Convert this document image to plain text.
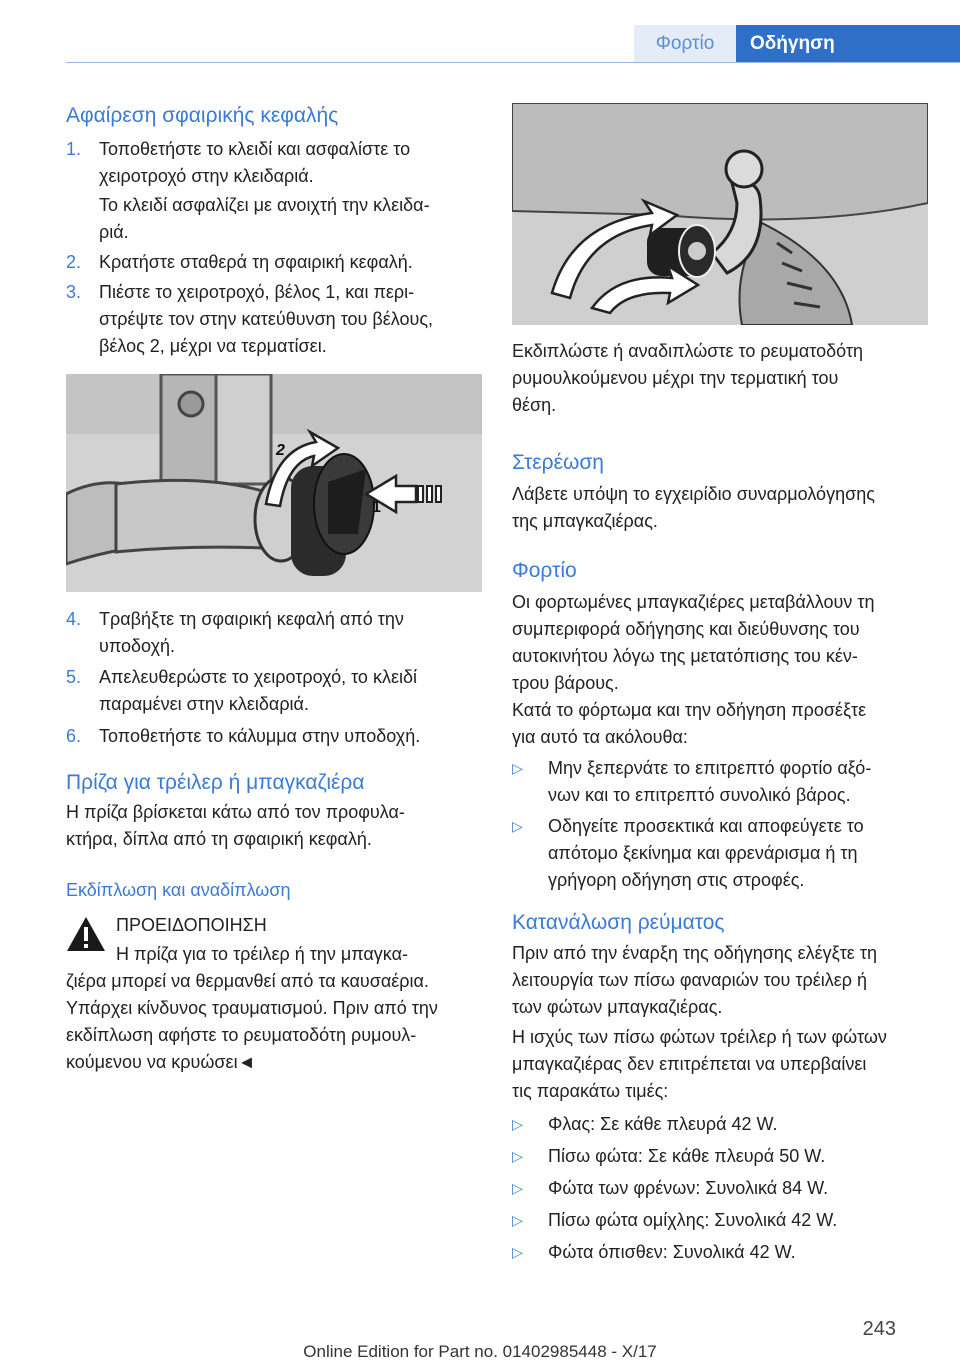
Φορτίο	Οδήγηση
Αφαίρεση σφαιρικής κεφαλής
1. Τοποθετήστε το κλειδί και ασφαλίστε το
χειροτροχό στην κλειδαριά.
Το κλειδί ασφαλίζει με ανοιχτή την κλειδα‐
ριά.
2. Κρατήστε σταθερά τη σφαιρική κεφαλή.
3. Πιέστε το χειροτροχό, βέλος 1, και περι‐
στρέψτε τον στην κατεύθυνση του βέλους,
βέλος 2, μέχρι να τερματίσει.
2
1
4. Τραβήξτε τη σφαιρική κεφαλή από την
υποδοχή.
5. Απελευθερώστε το χειροτροχό, το κλειδί
παραμένει στην κλειδαριά.
6. Τοποθετήστε το κάλυμμα στην υποδοχή.
Πρίζα για τρέιλερ ή μπαγκαζιέρα
Η πρίζα βρίσκεται κάτω από τον προφυλα‐
κτήρα, δίπλα από τη σφαιρική κεφαλή.
Εκδίπλωση και αναδίπλωση
ΠΡΟΕΙΔΟΠΟΙΗΣΗ
Η πρίζα για το τρέιλερ ή την μπαγκα‐
ζιέρα μπορεί να θερμανθεί από τα καυσαέρια.
Υπάρχει κίνδυνος τραυματισμού. Πριν από την
εκδίπλωση αφήστε το ρευματοδότη ρυμουλ‐
κούμενου να κρυώσει◄
Εκδιπλώστε ή αναδιπλώστε το ρευματοδότη
ρυμουλκούμενου μέχρι την τερματική του
θέση.
Στερέωση
Λάβετε υπόψη το εγχειρίδιο συναρμολόγησης
της μπαγκαζιέρας.
Φορτίο
Οι φορτωμένες μπαγκαζιέρες μεταβάλλουν τη
συμπεριφορά οδήγησης και διεύθυνσης του
αυτοκινήτου λόγω της μετατόπισης του κέν‐
τρου βάρους.
Κατά το φόρτωμα και την οδήγηση προσέξτε
για αυτό τα ακόλουθα:
▷ Μην ξεπερνάτε το επιτρεπτό φορτίο αξό‐
νων και το επιτρεπτό συνολικό βάρος.
▷ Οδηγείτε προσεκτικά και αποφεύγετε το
απότομο ξεκίνημα και φρενάρισμα ή τη
γρήγορη οδήγηση στις στροφές.
Κατανάλωση ρεύματος
Πριν από την έναρξη της οδήγησης ελέγξτε τη
λειτουργία των πίσω φαναριών του τρέιλερ ή
των φώτων μπαγκαζιέρας.
Η ισχύς των πίσω φώτων τρέιλερ ή των φώτων
μπαγκαζιέρας δεν επιτρέπεται να υπερβαίνει
τις παρακάτω τιμές:
▷ Φλας: Σε κάθε πλευρά 42 W.
▷ Πίσω φώτα: Σε κάθε πλευρά 50 W.
▷ Φώτα των φρένων: Συνολικά 84 W.
▷ Πίσω φώτα ομίχλης: Συνολικά 42 W.
▷ Φώτα όπισθεν: Συνολικά 42 W.
243
Online Edition for Part no. 01402985448 - X/17
